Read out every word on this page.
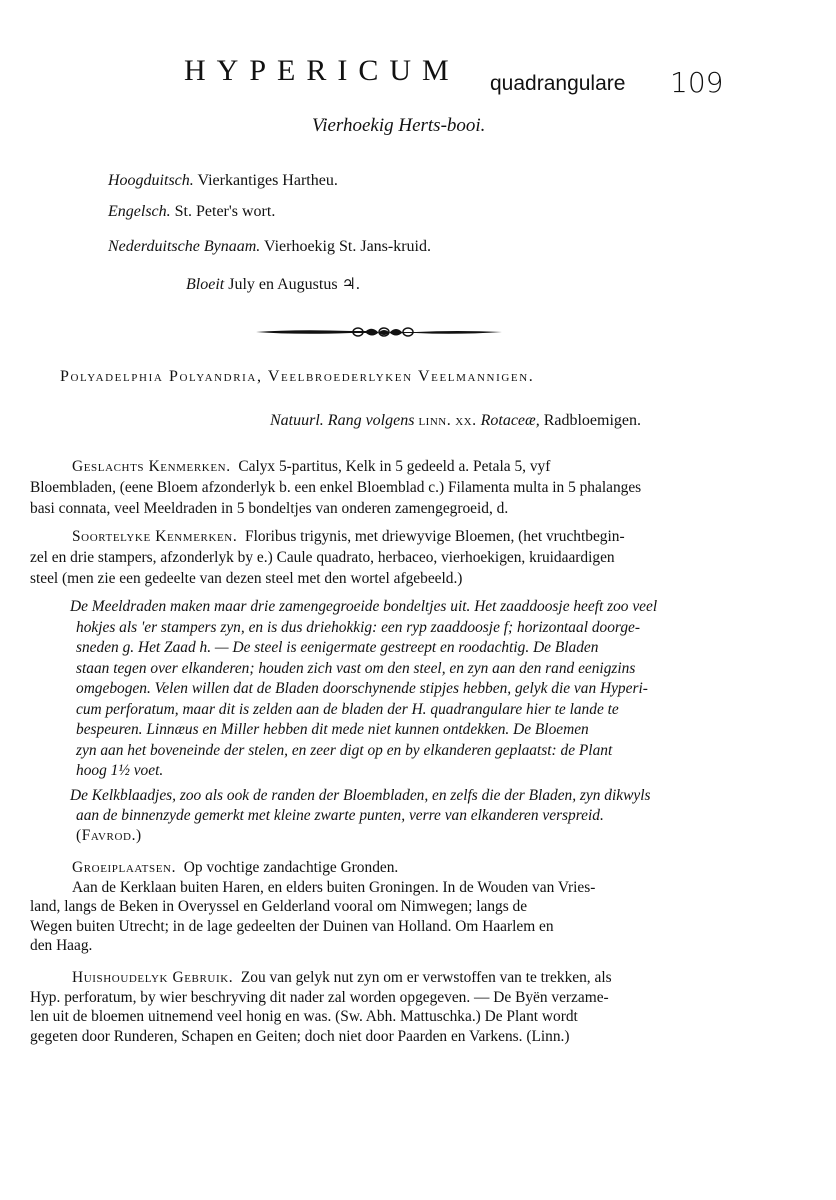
HYPERICUM quadrangulare 109
Vierhoekig Herts-booi.
Hoogduitsch. Vierkantiges Hartheu.
Engelsch. St. Peter's wort.
Nederduitsche Bynaam. Vierhoekig St. Jans-kruid.
Bloeit July en Augustus ♃.
Polyadelphia Polyandria, Veelbroederlyken Veelmannigen.
Natuurl. Rang volgens linn. xx. Rotaceæ, Radbloemigen.
Geslachts Kenmerken. Calyx 5-partitus, Kelk in 5 gedeeld a. Petala 5, vyf
Bloembladen, (eene Bloem afzonderlyk b. een enkel Bloemblad c.) Filamenta multa in 5 phalanges
basi connata, veel Meeldraden in 5 bondeltjes van onderen zamengegroeid, d.
Soortelyke Kenmerken. Floribus trigynis, met driewyvige Bloemen, (het vruchtbegin-
zel en drie stampers, afzonderlyk by e.) Caule quadrato, herbaceo, vierhoekigen, kruidaardigen
steel (men zie een gedeelte van dezen steel met den wortel afgebeeld.)
De Meeldraden maken maar drie zamengegroeide bondeltjes uit. Het zaaddoosje heeft zoo veel
hokjes als 'er stampers zyn, en is dus driehokkig: een ryp zaaddoosje f; horizontaal doorge-
sneden g. Het Zaad h. — De steel is eenigermate gestreept en roodachtig. De Bladen
staan tegen over elkanderen; houden zich vast om den steel, en zyn aan den rand eenigzins
omgebogen. Velen willen dat de Bladen doorschynende stipjes hebben, gelyk die van Hyperi-
cum perforatum, maar dit is zelden aan de bladen der H. quadrangulare hier te lande te
bespeuren. Linnæus en Miller hebben dit mede niet kunnen ontdekken. De Bloemen
zyn aan het boveneinde der stelen, en zeer digt op en by elkanderen geplaatst: de Plant
hoog 1½ voet.
De Kelkblaadjes, zoo als ook de randen der Bloembladen, en zelfs die der Bladen, zyn dikwyls
aan de binnenzyde gemerkt met kleine zwarte punten, verre van elkanderen verspreid.
(Favrod.)
Groeiplaatsen. Op vochtige zandachtige Gronden.
Aan de Kerklaan buiten Haren, en elders buiten Groningen. In de Wouden van Vries-
land, langs de Beken in Overyssel en Gelderland vooral om Nimwegen; langs de
Wegen buiten Utrecht; in de lage gedeelten der Duinen van Holland. Om Haarlem en
den Haag.
Huishoudelyk Gebruik. Zou van gelyk nut zyn om er verwstoffen van te trekken, als
Hyp. perforatum, by wier beschryving dit nader zal worden opgegeven. — De Byën verzame-
len uit de bloemen uitnemend veel honig en was. (Sw. Abh. Mattuschka.) De Plant wordt
gegeten door Runderen, Schapen en Geiten; doch niet door Paarden en Varkens. (Linn.)
